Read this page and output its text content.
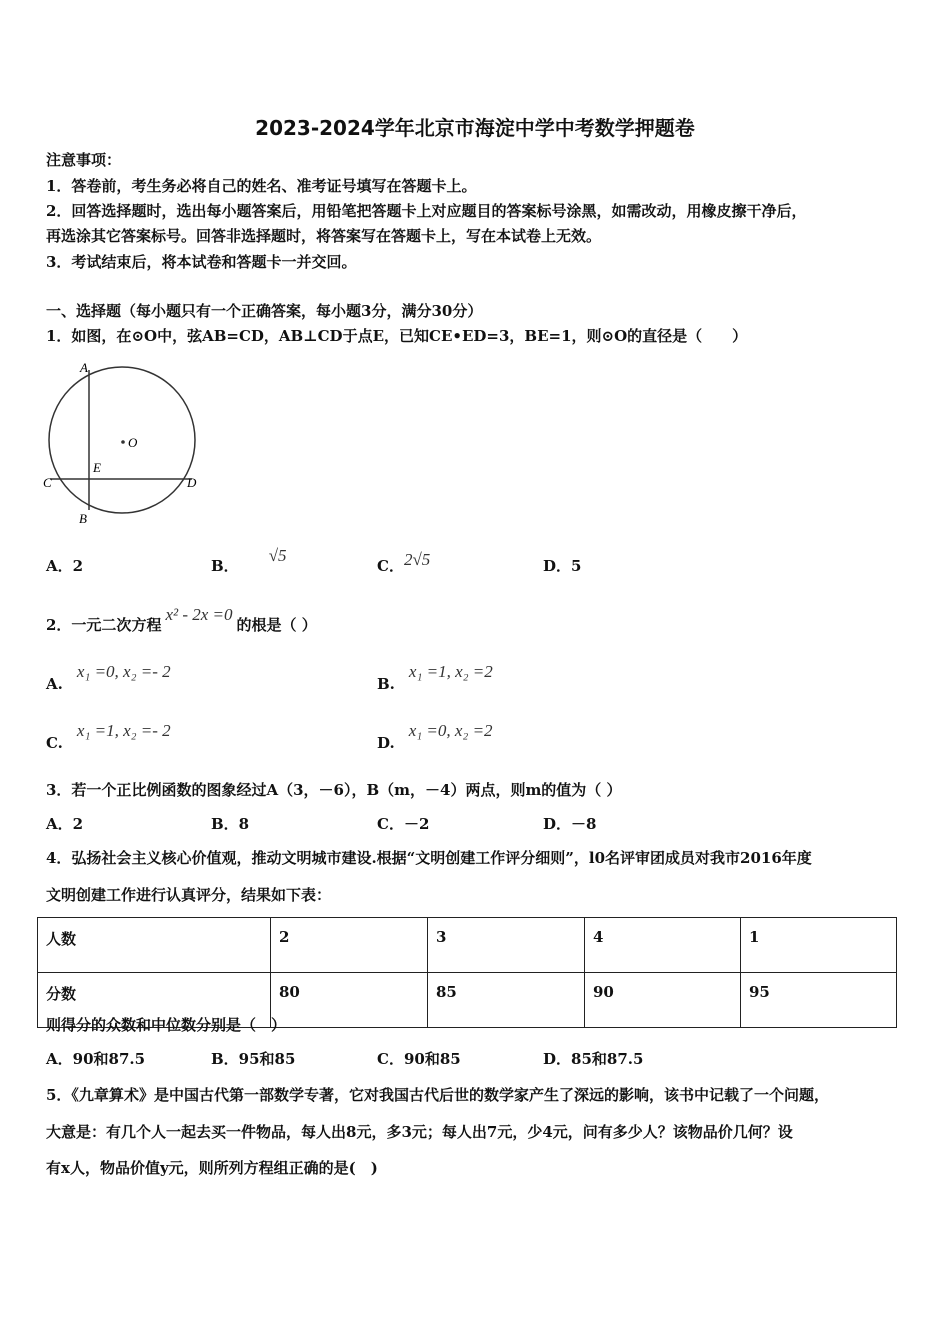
2023-2024学年北京市海淀中学中考数学押题卷
注意事项：
1．答卷前，考生务必将自己的姓名、准考证号填写在答题卡上。
2．回答选择题时，选出每小题答案后，用铅笔把答题卡上对应题目的答案标号涂黑，如需改动，用橡皮擦干净后，
再选涂其它答案标号。回答非选择题时，将答案写在答题卡上，写在本试卷上无效。
3．考试结束后，将本试卷和答题卡一并交回。
一、选择题（每小题只有一个正确答案，每小题3分，满分30分）
1．如图，在⊙O中，弦AB=CD，AB⊥CD于点E，已知CE•ED=3，BE=1，则⊙O的直径是（　　）
A
O
E
C	D
B
A．2	B．√5
C．2√5	D．5
2．一元二次方程x² - 2x =0的根是（ ）
A.x₁ =0, x₂ =- 2
B.x₁ =1, x₂ =2
C.x₁ =1, x₂ =- 2
D.x₁ =0, x₂ =2
3．若一个正比例函数的图象经过A（3，－6），B（m，－4）两点，则m的值为（ ）
A．2	B．8	C．－2	D．－8
4．弘扬社会主义核心价值观，推动文明城市建设.根据“文明创建工作评分细则”，l0名评审团成员对我市2016年度
文明创建工作进行认真评分，结果如下表：
人数	2	3	4	1
分数	80	85	90	95
则得分的众数和中位数分别是（　）
A．90和87.5	B．95和85	C．90和85	D．85和87.5
5．《九章算术》是中国古代第一部数学专著，它对我国古代后世的数学家产生了深远的影响，该书中记载了一个问题，
大意是：有几个人一起去买一件物品，每人出8元，多3元；每人出7元，少4元，问有多少人？该物品价几何？设
有x人，物品价值y元，则所列方程组正确的是(　)
